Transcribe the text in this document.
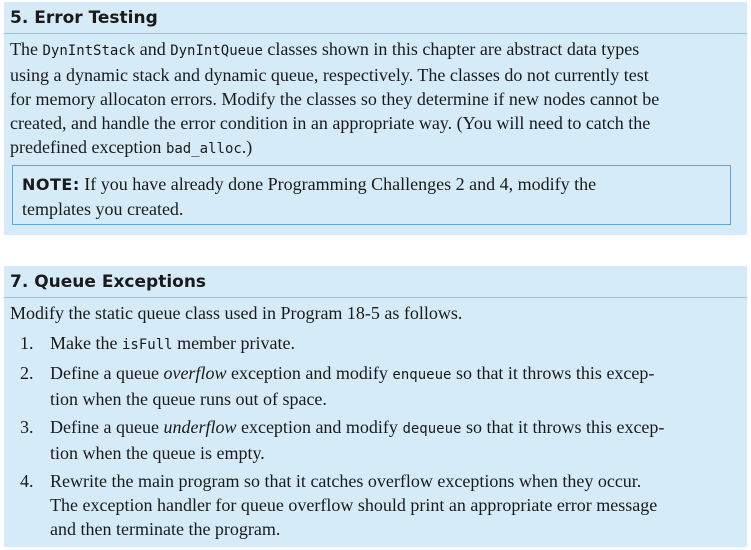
5. Error Testing
The DynIntStack and DynIntQueue classes shown in this chapter are abstract data types
using a dynamic stack and dynamic queue, respectively. The classes do not currently test
for memory allocaton errors. Modify the classes so they determine if new nodes cannot be
created, and handle the error condition in an appropriate way. (You will need to catch the
predefined exception bad_alloc.)
NOTE: If you have already done Programming Challenges 2 and 4, modify the
templates you created.
7. Queue Exceptions
Modify the static queue class used in Program 18-5 as follows.
1. Make the isFull member private.
2. Define a queue overflow exception and modify enqueue so that it throws this excep-
tion when the queue runs out of space.
3. Define a queue underflow exception and modify dequeue so that it throws this excep-
tion when the queue is empty.
4. Rewrite the main program so that it catches overflow exceptions when they occur.
The exception handler for queue overflow should print an appropriate error message
and then terminate the program.
